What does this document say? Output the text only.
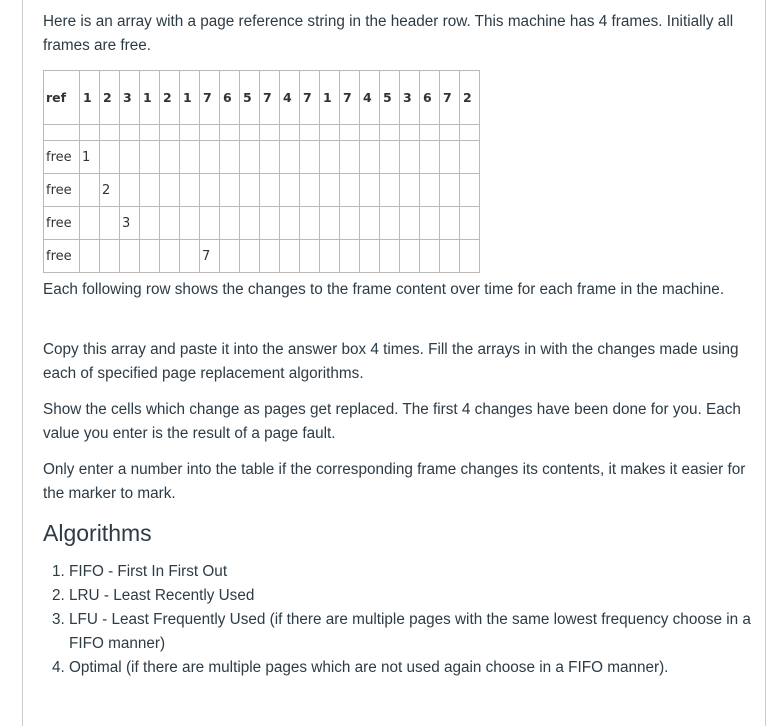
Here is an array with a page reference string in the header row. This machine has 4 frames. Initially all frames are free.

ref	1	2	3	1	2	1	7	6	5	7	4	7	1	7	4	5	3	6	7	2

free	1																			
free		2																		
free			3																	
free							7													

Each following row shows the changes to the frame content over time for each frame in the machine.

Copy this array and paste it into the answer box 4 times. Fill the arrays in with the changes made using each of specified page replacement algorithms.

Show the cells which change as pages get replaced. The first 4 changes have been done for you. Each value you enter is the result of a page fault.

Only enter a number into the table if the corresponding frame changes its contents, it makes it easier for the marker to mark.

Algorithms
1. FIFO - First In First Out
2. LRU - Least Recently Used
3. LFU - Least Frequently Used (if there are multiple pages with the same lowest frequency choose in a FIFO manner)
4. Optimal (if there are multiple pages which are not used again choose in a FIFO manner).
